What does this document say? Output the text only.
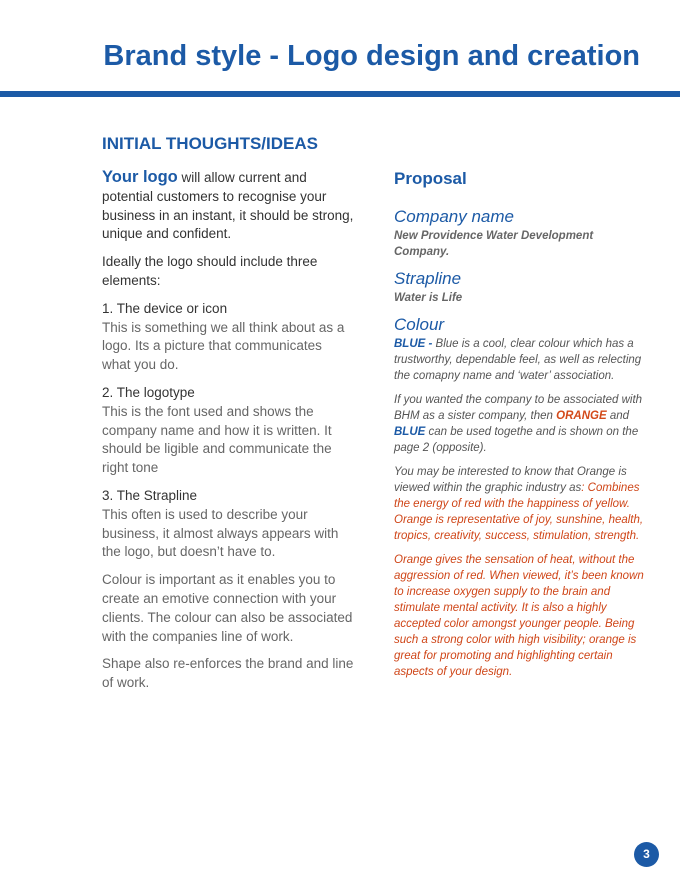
Brand style - Logo design and creation
INITIAL THOUGHTS/IDEAS

Your logo will allow current and potential customers to recognise your business in an instant, it should be strong, unique and confident.

Ideally the logo should include three elements:

1. The device or icon
This is something we all think about as a logo. Its a picture that communicates what you do.

2. The logotype
This is the font used and shows the company name and how it is written. It should be ligible and communicate the right tone

3. The Strapline
This often is used to describe your business, it almost always appears with the logo, but doesn’t have to.

Colour is important as it enables you to create an emotive connection with your clients. The colour can also be associated with the companies line of work.

Shape also re-enforces the brand and line of work.

Proposal
Company name

New Providence Water Development Company.

Strapline

Water is Life

Colour

BLUE - Blue is a cool, clear colour which has a trustworthy, dependable feel, as well as relecting the comapny name and ‘water’ association.

If you wanted the company to be associated with BHM as a sister company, then ORANGE and BLUE can be used togethe and is shown on the page 2 (opposite).

You may be interested to know that Orange is viewed within the graphic industry as: Combines the energy of red with the happiness of yellow. Orange is representative of joy, sunshine, health, tropics, creativity, success, stimulation, strength.

Orange gives the sensation of heat, without the aggression of red. When viewed, it’s been known to increase oxygen supply to the brain and stimulate mental activity. It is also a highly accepted color amongst younger people. Being such a strong color with high visibility; orange is great for promoting and highlighting certain aspects of your design.

3
